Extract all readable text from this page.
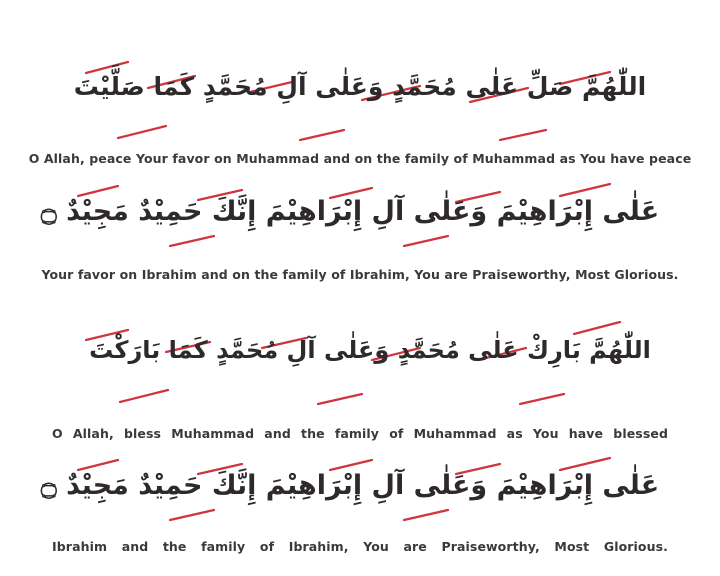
اللّٰهُمَّ صَلِّ عَلٰى مُحَمَّدٍ وَعَلٰى آلِ مُحَمَّدٍ كَمَا صَلَّيْتَ
O Allah, peace Your favor on Muhammad and on the family of Muhammad as You have peace
عَلٰى إِبْرَاهِيْمَ وَعَلٰى آلِ إِبْرَاهِيْمَ إِنَّكَ حَمِيْدٌ مَجِيْدٌ ۝
Your favor on Ibrahim and on the family of Ibrahim, You are Praiseworthy, Most Glorious.
اللّٰهُمَّ بَارِكْ عَلٰى مُحَمَّدٍ وَعَلٰى آلِ مُحَمَّدٍ كَمَا بَارَكْتَ
O Allah, bless Muhammad and the family of Muhammad as You have blessed
عَلٰى إِبْرَاهِيْمَ وَعَلٰى آلِ إِبْرَاهِيْمَ إِنَّكَ حَمِيْدٌ مَجِيْدٌ ۝
Ibrahim and the family of Ibrahim, You are Praiseworthy, Most Glorious.
